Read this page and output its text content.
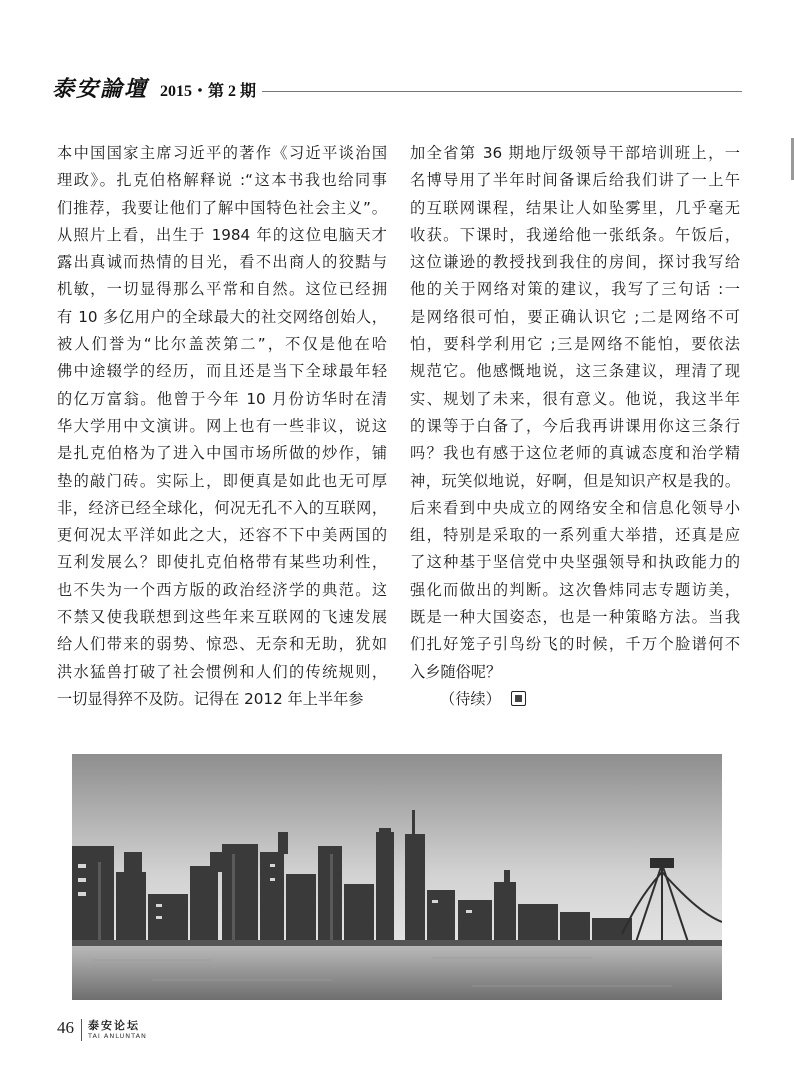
泰安論壇 2015・第 2 期
本中国国家主席习近平的著作《习近平谈治国
理政》。扎克伯格解释说 :“这本书我也给同事
们推荐，我要让他们了解中国特色社会主义”。
从照片上看，出生于 1984 年的这位电脑天才
露出真诚而热情的目光，看不出商人的狡黠与
机敏，一切显得那么平常和自然。这位已经拥
有 10 多亿用户的全球最大的社交网络创始人，
被人们誉为“比尔盖茨第二”，不仅是他在哈
佛中途辍学的经历，而且还是当下全球最年轻
的亿万富翁。他曾于今年 10 月份访华时在清
华大学用中文演讲。网上也有一些非议，说这
是扎克伯格为了进入中国市场所做的炒作，铺
垫的敲门砖。实际上，即便真是如此也无可厚
非，经济已经全球化，何况无孔不入的互联网，
更何况太平洋如此之大，还容不下中美两国的
互利发展么？即使扎克伯格带有某些功利性，
也不失为一个西方版的政治经济学的典范。这
不禁又使我联想到这些年来互联网的飞速发展
给人们带来的弱势、惊恐、无奈和无助，犹如
洪水猛兽打破了社会惯例和人们的传统规则，
一切显得猝不及防。记得在 2012 年上半年参
加全省第 36 期地厅级领导干部培训班上，一
名博导用了半年时间备课后给我们讲了一上午
的互联网课程，结果让人如坠雾里，几乎毫无
收获。下课时，我递给他一张纸条。午饭后，
这位谦逊的教授找到我住的房间，探讨我写给
他的关于网络对策的建议，我写了三句话 :一
是网络很可怕，要正确认识它 ;二是网络不可
怕，要科学利用它 ;三是网络不能怕，要依法
规范它。他感慨地说，这三条建议，理清了现
实、规划了未来，很有意义。他说，我这半年
的课等于白备了，今后我再讲课用你这三条行
吗？我也有感于这位老师的真诚态度和治学精
神，玩笑似地说，好啊，但是知识产权是我的。
后来看到中央成立的网络安全和信息化领导小
组，特别是采取的一系列重大举措，还真是应
了这种基于坚信党中央坚强领导和执政能力的
强化而做出的判断。这次鲁炜同志专题访美，
既是一种大国姿态，也是一种策略方法。当我
们扎好笼子引鸟纷飞的时候，千万个脸谱何不
入乡随俗呢？
（待续）
46 泰安论坛
TAI ANLUNTAN
